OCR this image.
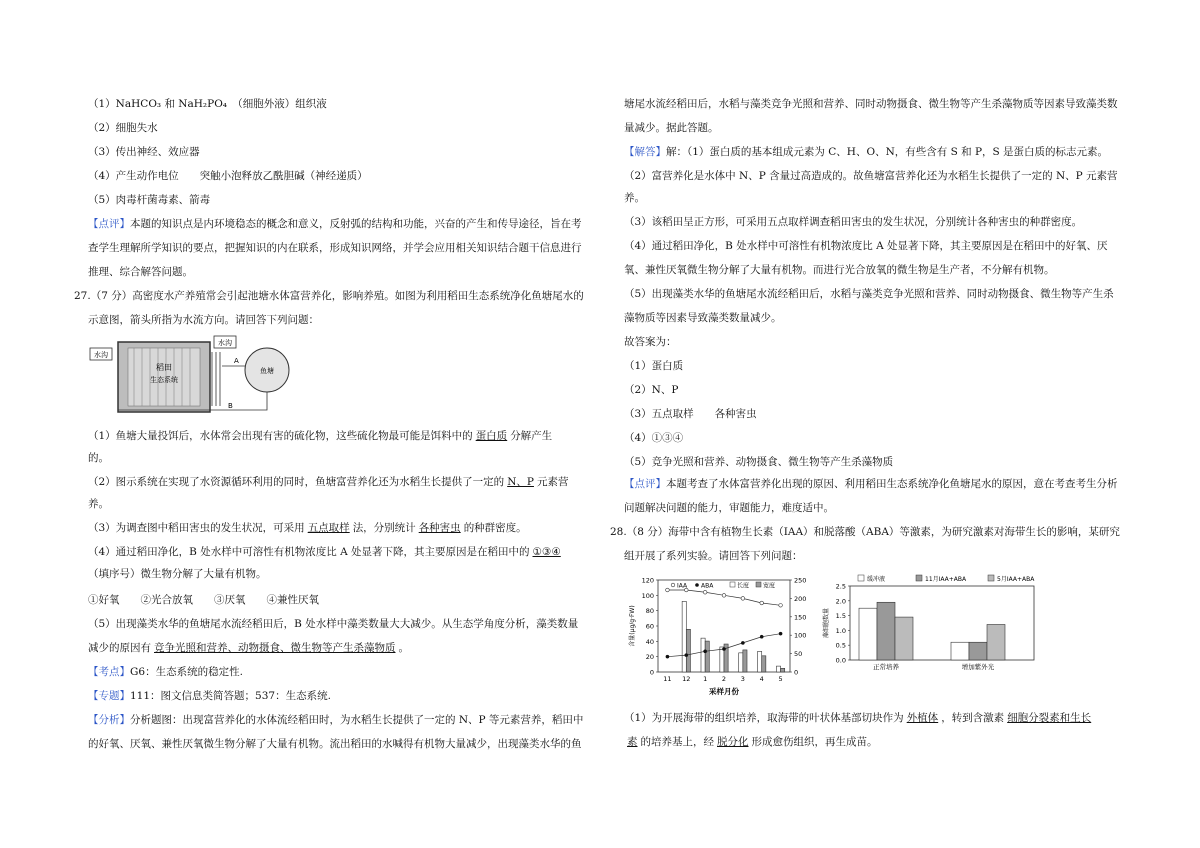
（1）NaHCO₃ 和 NaH₂PO₄　（细胞外液）组织液
（2）细胞失水
（3）传出神经、效应器
（4）产生动作电位　　突触小泡释放乙酰胆碱（神经递质）
（5）肉毒杆菌毒素、箭毒
【点评】本题的知识点是内环境稳态的概念和意义，反射弧的结构和功能，兴奋的产生和传导途径，旨在考
查学生理解所学知识的要点，把握知识的内在联系，形成知识网络，并学会应用相关知识结合题干信息进行
推理、综合解答问题。
27.（7 分）高密度水产养殖常会引起池塘水体富营养化，影响养殖。如图为利用稻田生态系统净化鱼塘尾水的
示意图，箭头所指为水流方向。请回答下列问题：
水沟
水沟
稻田
生态系统
A
鱼塘
B
（1）鱼塘大量投饵后，水体常会出现有害的硫化物，这些硫化物最可能是饵料中的 蛋白质 分解产生
的。
（2）图示系统在实现了水资源循环利用的同时，鱼塘富营养化还为水稻生长提供了一定的 N、P 元素营
养。
（3）为调查图中稻田害虫的发生状况，可采用 五点取样 法，分别统计 各种害虫 的种群密度。
（4）通过稻田净化，B 处水样中可溶性有机物浓度比 A 处显著下降，其主要原因是在稻田中的 ①③④
（填序号）微生物分解了大量有机物。
①好氧　　②光合放氧　　③厌氧　　④兼性厌氧
（5）出现藻类水华的鱼塘尾水流经稻田后，B 处水样中藻类数量大大减少。从生态学角度分析，藻类数量
减少的原因有 竞争光照和营养、动物摄食、微生物等产生杀藻物质 。
【考点】G6：生态系统的稳定性.
【专题】111：图文信息类简答题；537：生态系统.
【分析】分析题图：出现富营养化的水体流经稻田时，为水稻生长提供了一定的 N、P 等元素营养，稻田中
的好氧、厌氧、兼性厌氧微生物分解了大量有机物。流出稻田的水喊得有机物大量减少，出现藻类水华的鱼
塘尾水流经稻田后，水稻与藻类竞争光照和营养、同时动物摄食、微生物等产生杀藻物质等因素导致藻类数
量减少。据此答题。
【解答】解：（1）蛋白质的基本组成元素为 C、H、O、N，有些含有 S 和 P，S 是蛋白质的标志元素。
（2）富营养化是水体中 N、P 含量过高造成的。故鱼塘富营养化还为水稻生长提供了一定的 N、P 元素营
养。
（3）该稻田呈正方形，可采用五点取样调查稻田害虫的发生状况，分别统计各种害虫的种群密度。
（4）通过稻田净化，B 处水样中可溶性有机物浓度比 A 处显著下降，其主要原因是在稻田中的好氧、厌
氧、兼性厌氧微生物分解了大量有机物。而进行光合放氧的微生物是生产者，不分解有机物。
（5）出现藻类水华的鱼塘尾水流经稻田后，水稻与藻类竞争光照和营养、同时动物摄食、微生物等产生杀
藻物质等因素导致藻类数量减少。
故答案为：
（1）蛋白质
（2）N、P
（3）五点取样　　各种害虫
（4）①③④
（5）竞争光照和营养、动物摄食、微生物等产生杀藻物质
【点评】本题考查了水体富营养化出现的原因、利用稻田生态系统净化鱼塘尾水的原因，意在考查考生分析
问题解决问题的能力，审题能力，难度适中。
28.（8 分）海带中含有植物生长素（IAA）和脱落酸（ABA）等激素，为研究激素对海带生长的影响，某研究
组开展了系列实验。请回答下列问题：
0
20
40
60
80
100
120
0
50
100
150
200
250
11 12 1 2 3 4 5
采样月份
含量(μg/g·FW)
IAA ABA	长度 宽度
0.0
0.5
1.0
1.5
2.0
2.5
藻细胞数量
正常培养	增加紫外光
缓冲液	11月IAA+ABA	5月IAA+ABA
（1）为开展海带的组织培养，取海带的叶状体基部切块作为 外植体 ，转到含激素 细胞分裂素和生长
素 的培养基上，经 脱分化 形成愈伤组织，再生成苗。
